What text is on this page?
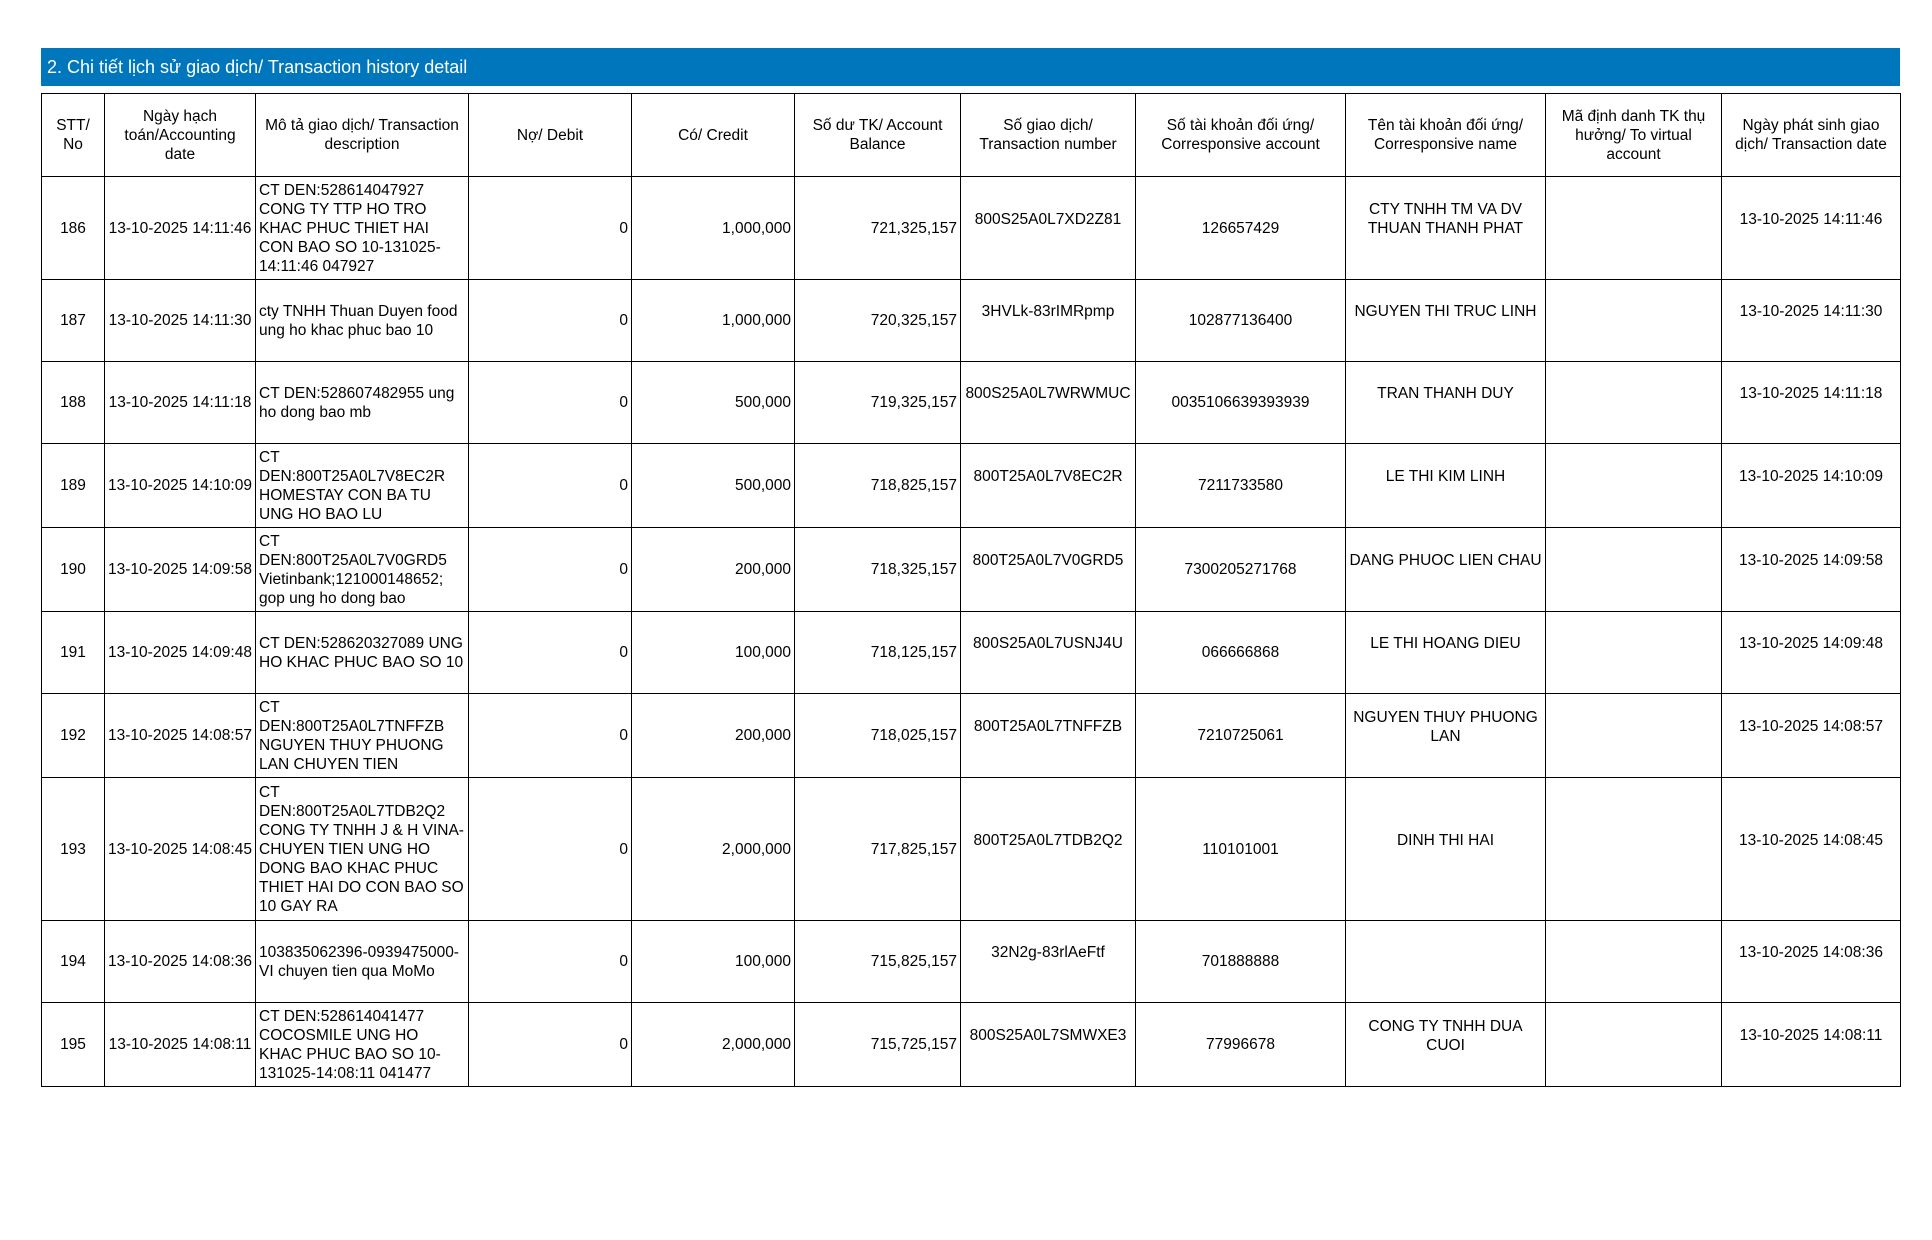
2. Chi tiết lịch sử giao dịch/ Transaction history detail
STT/ No	Ngày hạch toán/Accounting date	Mô tả giao dịch/ Transaction description	Nợ/ Debit	Có/ Credit	Số dư TK/ Account Balance	Số giao dịch/ Transaction number	Số tài khoản đối ứng/ Corresponsive account	Tên tài khoản đối ứng/ Corresponsive name	Mã định danh TK thụ hưởng/ To virtual account	Ngày phát sinh giao dịch/ Transaction date
186	13-10-2025 14:11:46	CT DEN:528614047927 CONG TY TTP HO TRO KHAC PHUC THIET HAI CON BAO SO 10-131025-14:11:46 047927	0	1,000,000	721,325,157	800S25A0L7XD2Z81	126657429	CTY TNHH TM VA DV THUAN THANH PHAT		13-10-2025 14:11:46
187	13-10-2025 14:11:30	cty TNHH Thuan Duyen food ung ho khac phuc bao 10	0	1,000,000	720,325,157	3HVLk-83rIMRpmp	102877136400	NGUYEN THI TRUC LINH		13-10-2025 14:11:30
188	13-10-2025 14:11:18	CT DEN:528607482955 ung ho dong bao mb	0	500,000	719,325,157	800S25A0L7WRWMUC	0035106639393939	TRAN THANH DUY		13-10-2025 14:11:18
189	13-10-2025 14:10:09	CT DEN:800T25A0L7V8EC2R HOMESTAY CON BA TU UNG HO BAO LU	0	500,000	718,825,157	800T25A0L7V8EC2R	7211733580	LE THI KIM LINH		13-10-2025 14:10:09
190	13-10-2025 14:09:58	CT DEN:800T25A0L7V0GRD5 Vietinbank;121000148652; gop ung ho dong bao	0	200,000	718,325,157	800T25A0L7V0GRD5	7300205271768	DANG PHUOC LIEN CHAU		13-10-2025 14:09:58
191	13-10-2025 14:09:48	CT DEN:528620327089 UNG HO KHAC PHUC BAO SO 10	0	100,000	718,125,157	800S25A0L7USNJ4U	066666868	LE THI HOANG DIEU		13-10-2025 14:09:48
192	13-10-2025 14:08:57	CT DEN:800T25A0L7TNFFZB NGUYEN THUY PHUONG LAN CHUYEN TIEN	0	200,000	718,025,157	800T25A0L7TNFFZB	7210725061	NGUYEN THUY PHUONG LAN		13-10-2025 14:08:57
193	13-10-2025 14:08:45	CT DEN:800T25A0L7TDB2Q2 CONG TY TNHH J & H VINA-CHUYEN TIEN UNG HO DONG BAO KHAC PHUC THIET HAI DO CON BAO SO 10 GAY RA	0	2,000,000	717,825,157	800T25A0L7TDB2Q2	110101001	DINH THI HAI		13-10-2025 14:08:45
194	13-10-2025 14:08:36	103835062396-0939475000-VI chuyen tien qua MoMo	0	100,000	715,825,157	32N2g-83rlAeFtf	701888888			13-10-2025 14:08:36
195	13-10-2025 14:08:11	CT DEN:528614041477 COCOSMILE UNG HO KHAC PHUC BAO SO 10-131025-14:08:11 041477	0	2,000,000	715,725,157	800S25A0L7SMWXE3	77996678	CONG TY TNHH DUA CUOI		13-10-2025 14:08:11
